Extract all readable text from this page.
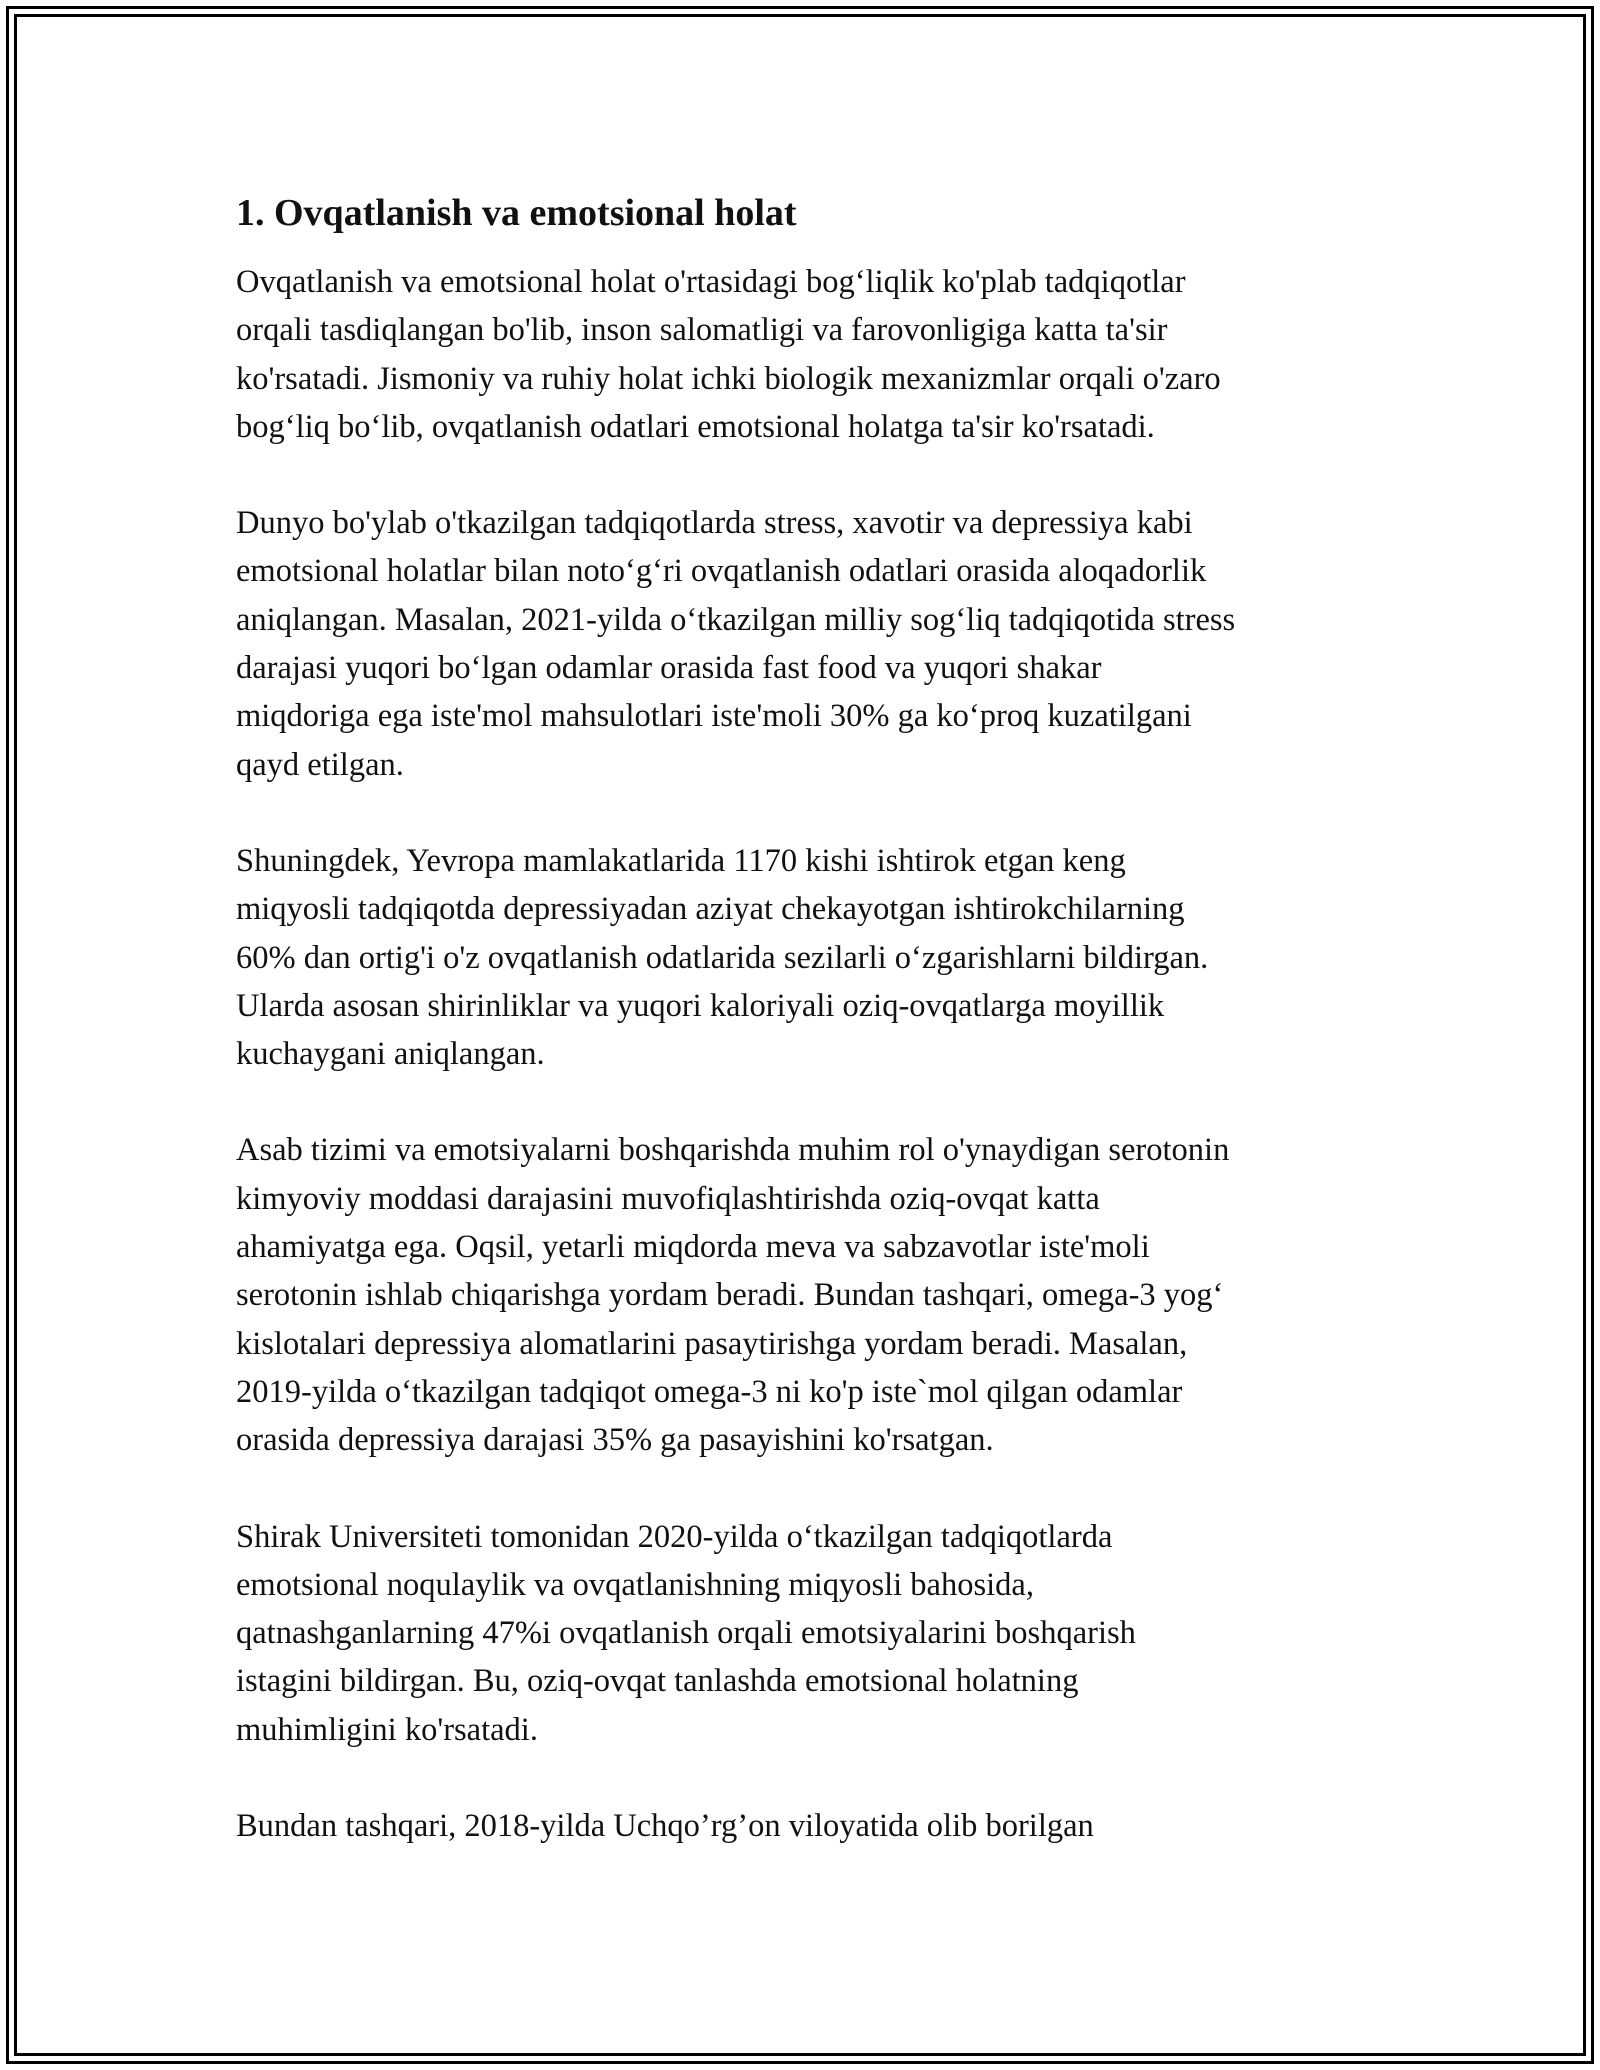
1. Ovqatlanish va emotsional holat

Ovqatlanish va emotsional holat o'rtasidagi bog‘liqlik ko'plab tadqiqotlar
orqali tasdiqlangan bo'lib, inson salomatligi va farovonligiga katta ta'sir
ko'rsatadi. Jismoniy va ruhiy holat ichki biologik mexanizmlar orqali o'zaro
bog‘liq bo‘lib, ovqatlanish odatlari emotsional holatga ta'sir ko'rsatadi.

Dunyo bo'ylab o'tkazilgan tadqiqotlarda stress, xavotir va depressiya kabi
emotsional holatlar bilan noto‘g‘ri ovqatlanish odatlari orasida aloqadorlik
aniqlangan. Masalan, 2021-yilda o‘tkazilgan milliy sog‘liq tadqiqotida stress
darajasi yuqori bo‘lgan odamlar orasida fast food va yuqori shakar
miqdoriga ega iste'mol mahsulotlari iste'moli 30% ga ko‘proq kuzatilgani
qayd etilgan.

Shuningdek, Yevropa mamlakatlarida 1170 kishi ishtirok etgan keng
miqyosli tadqiqotda depressiyadan aziyat chekayotgan ishtirokchilarning
60% dan ortig'i o'z ovqatlanish odatlarida sezilarli o‘zgarishlarni bildirgan.
Ularda asosan shirinliklar va yuqori kaloriyali oziq-ovqatlarga moyillik
kuchaygani aniqlangan.

Asab tizimi va emotsiyalarni boshqarishda muhim rol o'ynaydigan serotonin
kimyoviy moddasi darajasini muvofiqlashtirishda oziq-ovqat katta
ahamiyatga ega. Oqsil, yetarli miqdorda meva va sabzavotlar iste'moli
serotonin ishlab chiqarishga yordam beradi. Bundan tashqari, omega-3 yog‘
kislotalari depressiya alomatlarini pasaytirishga yordam beradi. Masalan,
2019-yilda o‘tkazilgan tadqiqot omega-3 ni ko'p iste`mol qilgan odamlar
orasida depressiya darajasi 35% ga pasayishini ko'rsatgan.

Shirak Universiteti tomonidan 2020-yilda o‘tkazilgan tadqiqotlarda
emotsional noqulaylik va ovqatlanishning miqyosli bahosida,
qatnashganlarning 47%i ovqatlanish orqali emotsiyalarini boshqarish
istagini bildirgan. Bu, oziq-ovqat tanlashda emotsional holatning
muhimligini ko'rsatadi.

Bundan tashqari, 2018-yilda Uchqo’rg’on viloyatida olib borilgan
